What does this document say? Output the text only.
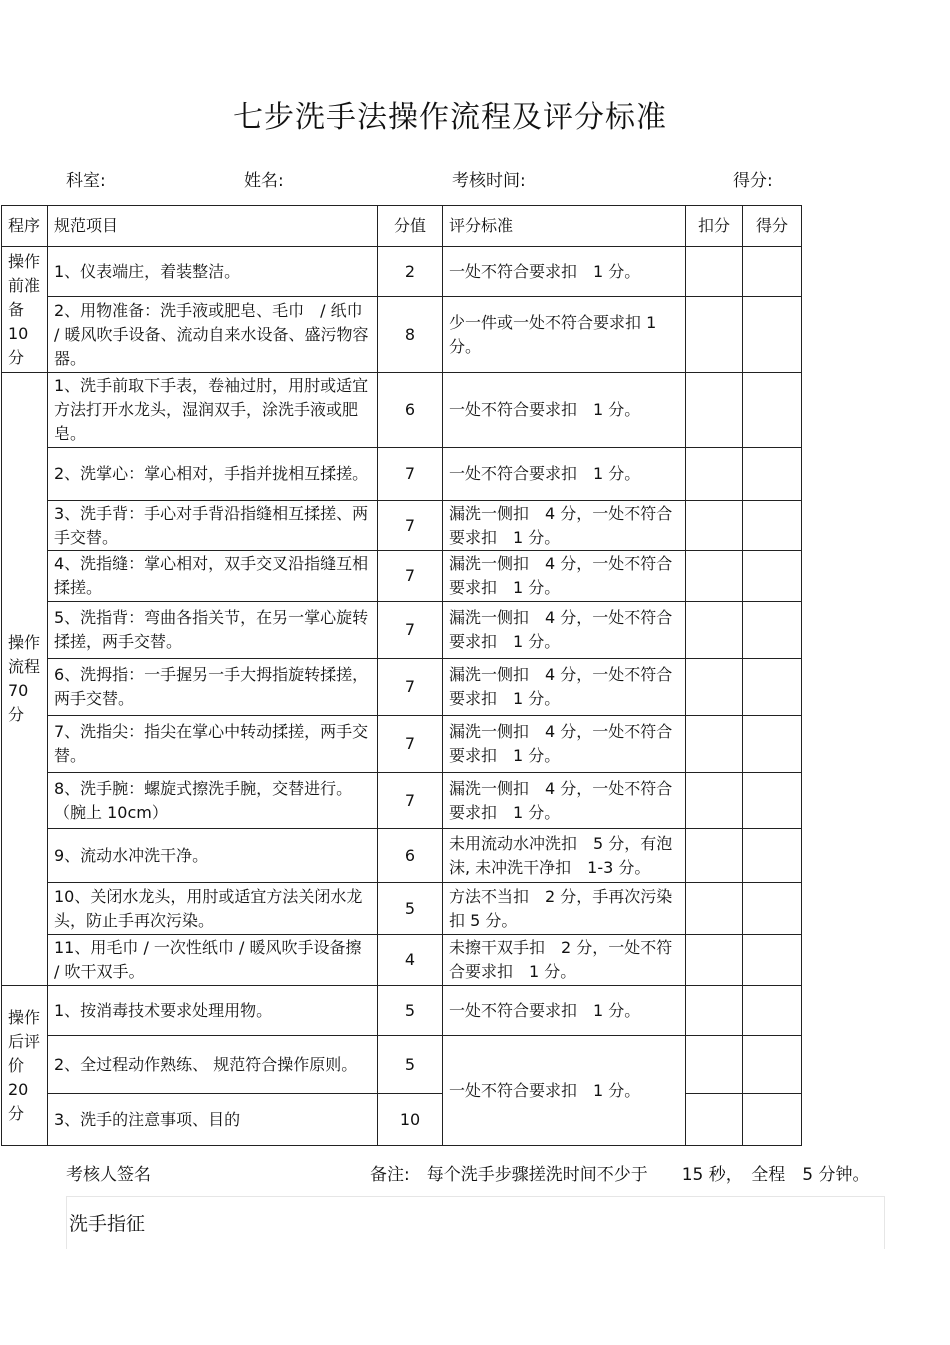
七步洗手法操作流程及评分标准
科室:	姓名:	考核时间:	得分:
程序	规范项目	分值	评分标准	扣分	得分
操作前准备10分	1、仪表端庄，着装整洁。	2	一处不符合要求扣　1 分。		
	2、用物准备：洗手液或肥皂、毛巾　/ 纸巾 / 暖风吹手设备、流动自来水设备、盛污物容器。	8	少一件或一处不符合要求扣 1 分。		
操作流程70分	1、洗手前取下手表，卷袖过肘，用肘或适宜方法打开水龙头，湿润双手，涂洗手液或肥皂。	6	一处不符合要求扣　1 分。		
	2、洗掌心：掌心相对，手指并拢相互揉搓。	7	一处不符合要求扣　1 分。		
	3、洗手背：手心对手背沿指缝相互揉搓、两手交替。	7	漏洗一侧扣　4 分，一处不符合要求扣　1 分。		
	4、洗指缝：掌心相对，双手交叉沿指缝互相揉搓。	7	漏洗一侧扣　4 分，一处不符合要求扣　1 分。		
	5、洗指背：弯曲各指关节，在另一掌心旋转揉搓，两手交替。	7	漏洗一侧扣　4 分，一处不符合要求扣　1 分。		
	6、洗拇指：一手握另一手大拇指旋转揉搓，两手交替。	7	漏洗一侧扣　4 分，一处不符合要求扣　1 分。		
	7、洗指尖：指尖在掌心中转动揉搓，两手交替。	7	漏洗一侧扣　4 分，一处不符合要求扣　1 分。		
	8、洗手腕：螺旋式擦洗手腕，交替进行。（腕上 10cm）	7	漏洗一侧扣　4 分，一处不符合要求扣　1 分。		
	9、流动水冲洗干净。	6	未用流动水冲洗扣　5 分，有泡沫, 未冲洗干净扣　1-3 分。		
	10、关闭水龙头，用肘或适宜方法关闭水龙头，防止手再次污染。	5	方法不当扣　2 分，手再次污染扣 5 分。		
	11、用毛巾 / 一次性纸巾 / 暖风吹手设备擦 / 吹干双手。	4	未擦干双手扣　2 分，一处不符合要求扣　1 分。		
操作后评价20分	1、按消毒技术要求处理用物。	5	一处不符合要求扣　1 分。		
	2、全过程动作熟练、 规范符合操作原则。	5	一处不符合要求扣　1 分。		
	3、洗手的注意事项、目的	10			
考核人签名	备注:　每个洗手步骤搓洗时间不少于　　15 秒，　全程　5 分钟。
洗手指征
